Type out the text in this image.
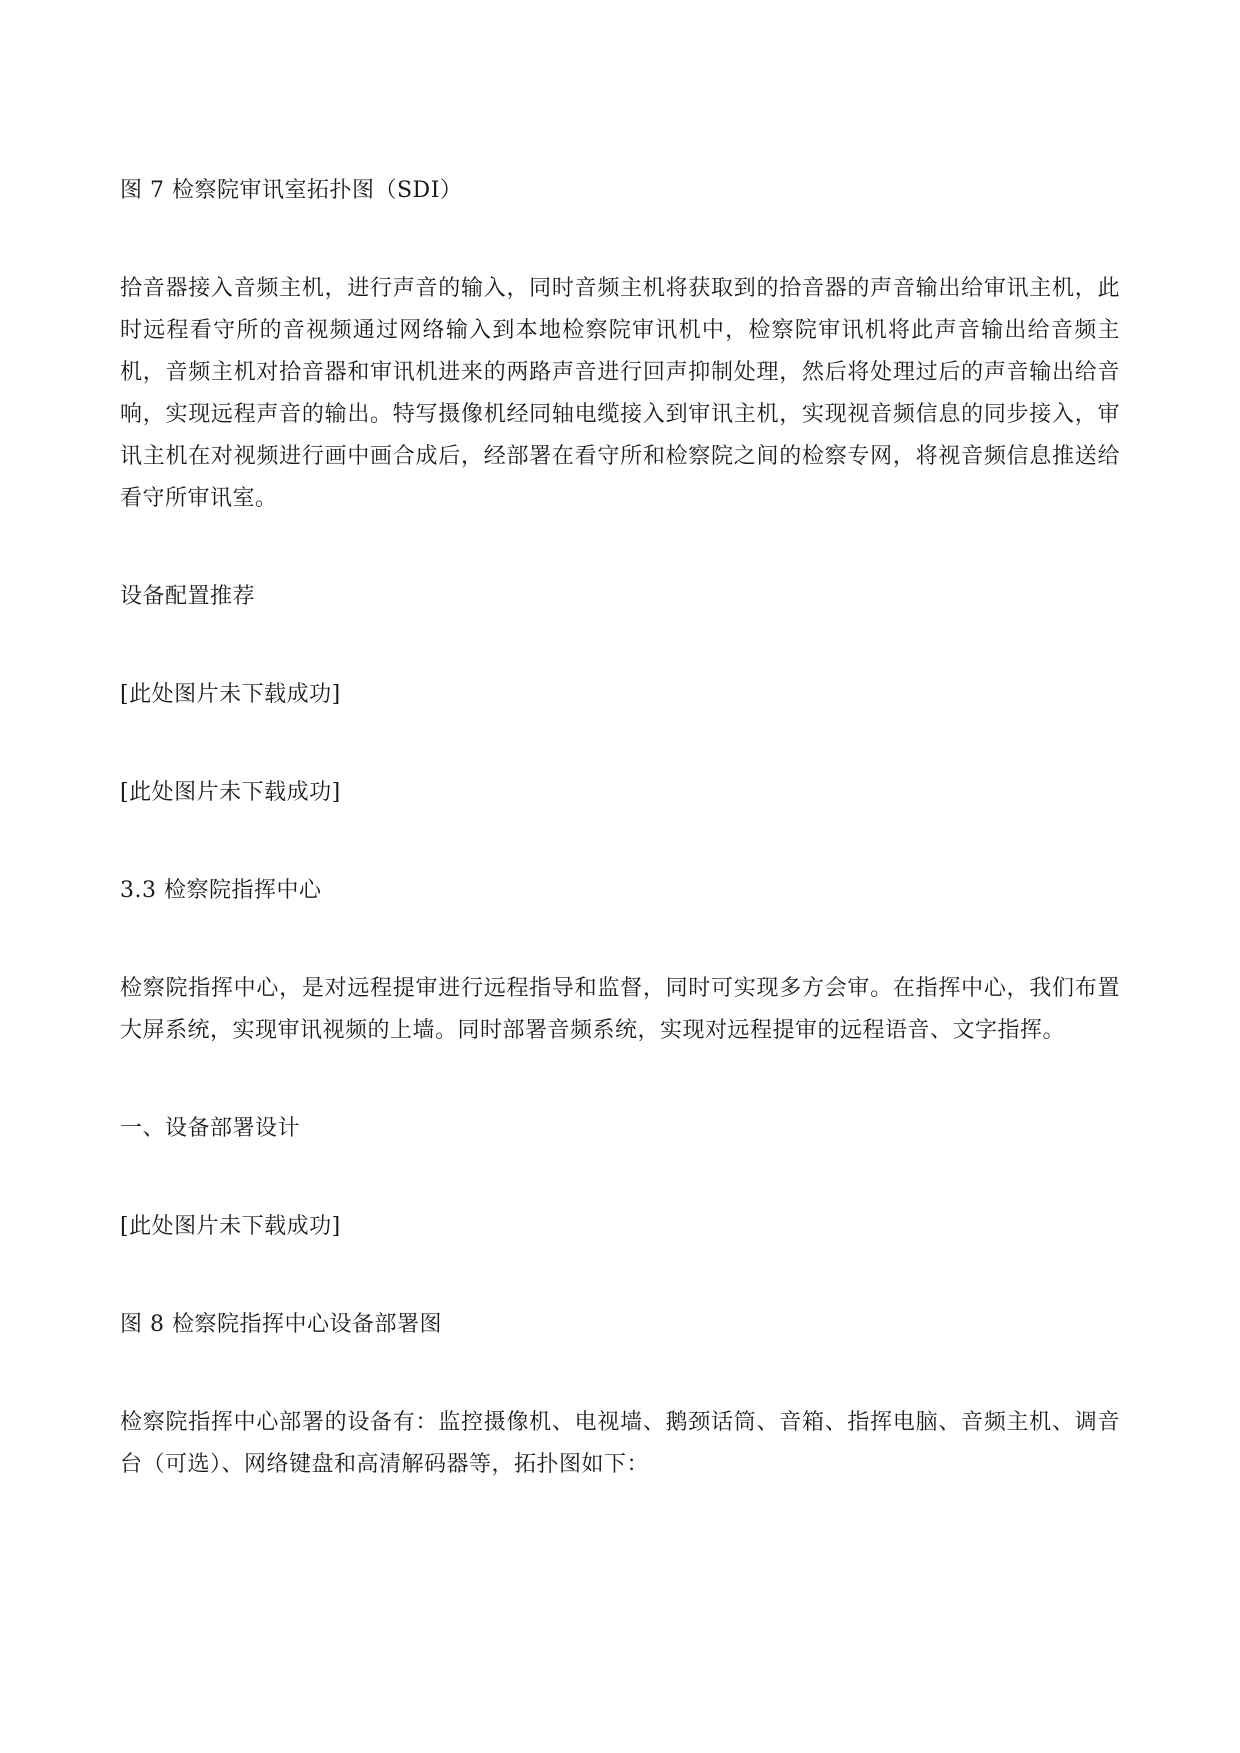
图 7 检察院审讯室拓扑图（SDI）

拾音器接入音频主机，进行声音的输入，同时音频主机将获取到的拾音器的声音输出给审讯主机，此时远程看守所的音视频通过网络输入到本地检察院审讯机中，检察院审讯机将此声音输出给音频主机，音频主机对拾音器和审讯机进来的两路声音进行回声抑制处理，然后将处理过后的声音输出给音响，实现远程声音的输出。特写摄像机经同轴电缆接入到审讯主机，实现视音频信息的同步接入，审讯主机在对视频进行画中画合成后，经部署在看守所和检察院之间的检察专网，将视音频信息推送给看守所审讯室。

设备配置推荐

[此处图片未下载成功]

[此处图片未下载成功]

3.3 检察院指挥中心

检察院指挥中心，是对远程提审进行远程指导和监督，同时可实现多方会审。在指挥中心，我们布置大屏系统，实现审讯视频的上墙。同时部署音频系统，实现对远程提审的远程语音、文字指挥。

一、设备部署设计

[此处图片未下载成功]

图 8 检察院指挥中心设备部署图

检察院指挥中心部署的设备有：监控摄像机、电视墙、鹅颈话筒、音箱、指挥电脑、音频主机、调音台（可选）、网络键盘和高清解码器等，拓扑图如下：
